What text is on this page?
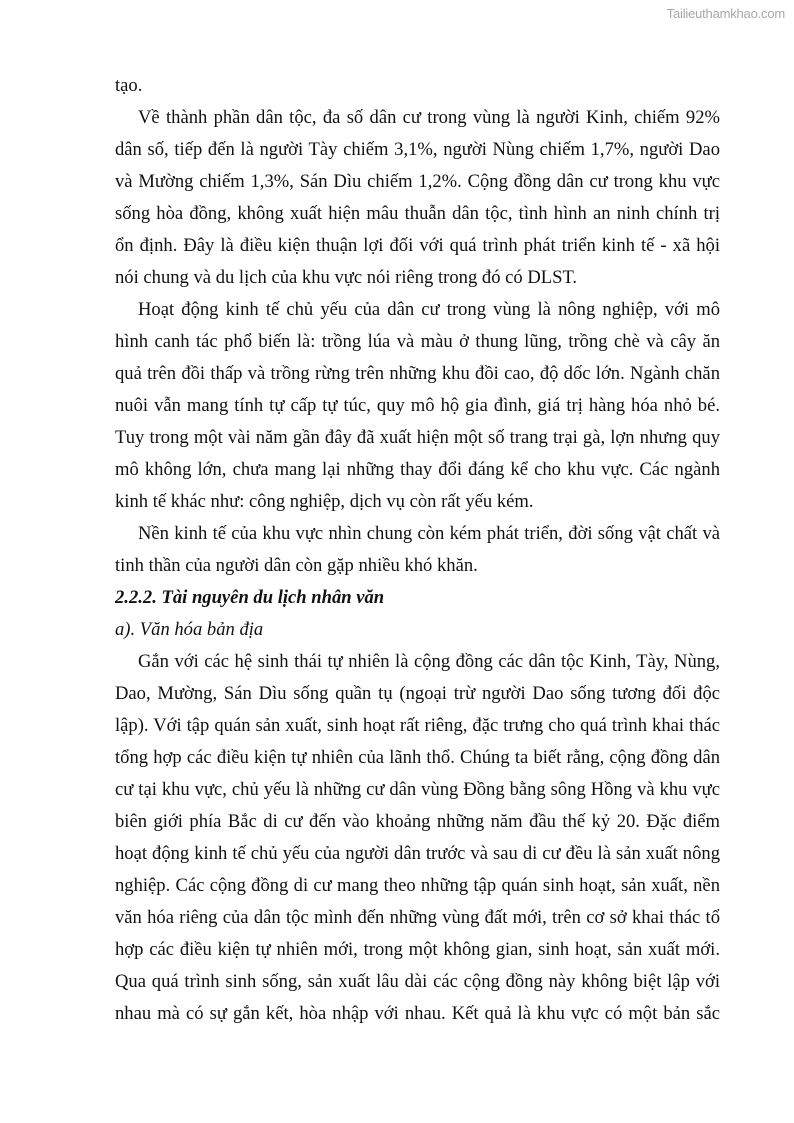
Tailieuthamkhao.com
tạo.
Về thành phần dân tộc, đa số dân cư trong vùng là người Kinh, chiếm 92%
dân số, tiếp đến là người Tày chiếm 3,1%, người Nùng chiếm 1,7%, người Dao
và Mường chiếm 1,3%, Sán Dìu chiếm 1,2%. Cộng đồng dân cư trong khu vực
sống hòa đồng, không xuất hiện mâu thuẫn dân tộc, tình hình an ninh chính trị
ổn định. Đây là điều kiện thuận lợi đối với quá trình phát triển kinh tế - xã hội
nói chung và du lịch của khu vực nói riêng trong đó có DLST.
Hoạt động kinh tế chủ yếu của dân cư trong vùng là nông nghiệp, với mô
hình canh tác phổ biến là: trồng lúa và màu ở thung lũng, trồng chè và cây ăn
quả trên đồi thấp và trồng rừng trên những khu đồi cao, độ dốc lớn. Ngành chăn
nuôi vẫn mang tính tự cấp tự túc, quy mô hộ gia đình, giá trị hàng hóa nhỏ bé.
Tuy trong một vài năm gần đây đã xuất hiện một số trang trại gà, lợn nhưng quy
mô không lớn, chưa mang lại những thay đổi đáng kể cho khu vực. Các ngành
kinh tế khác như: công nghiệp, dịch vụ còn rất yếu kém.
Nền kinh tế của khu vực nhìn chung còn kém phát triển, đời sống vật chất và
tinh thần của người dân còn gặp nhiều khó khăn.
2.2.2. Tài nguyên du lịch nhân văn
a). Văn hóa bản địa
Gắn với các hệ sinh thái tự nhiên là cộng đồng các dân tộc Kinh, Tày, Nùng,
Dao, Mường, Sán Dìu sống quần tụ (ngoại trừ người Dao sống tương đối độc
lập). Với tập quán sản xuất, sinh hoạt rất riêng, đặc trưng cho quá trình khai thác
tổng hợp các điều kiện tự nhiên của lãnh thổ. Chúng ta biết rằng, cộng đồng dân
cư tại khu vực, chủ yếu là những cư dân vùng Đồng bằng sông Hồng và khu vực
biên giới phía Bắc di cư đến vào khoảng những năm đầu thế kỷ 20. Đặc điểm
hoạt động kinh tế chủ yếu của người dân trước và sau di cư đều là sản xuất nông
nghiệp. Các cộng đồng di cư mang theo những tập quán sinh hoạt, sản xuất, nền
văn hóa riêng của dân tộc mình đến những vùng đất mới, trên cơ sở khai thác tổ
hợp các điều kiện tự nhiên mới, trong một không gian, sinh hoạt, sản xuất mới.
Qua quá trình sinh sống, sản xuất lâu dài các cộng đồng này không biệt lập với
nhau mà có sự gắn kết, hòa nhập với nhau. Kết quả là khu vực có một bản sắc
